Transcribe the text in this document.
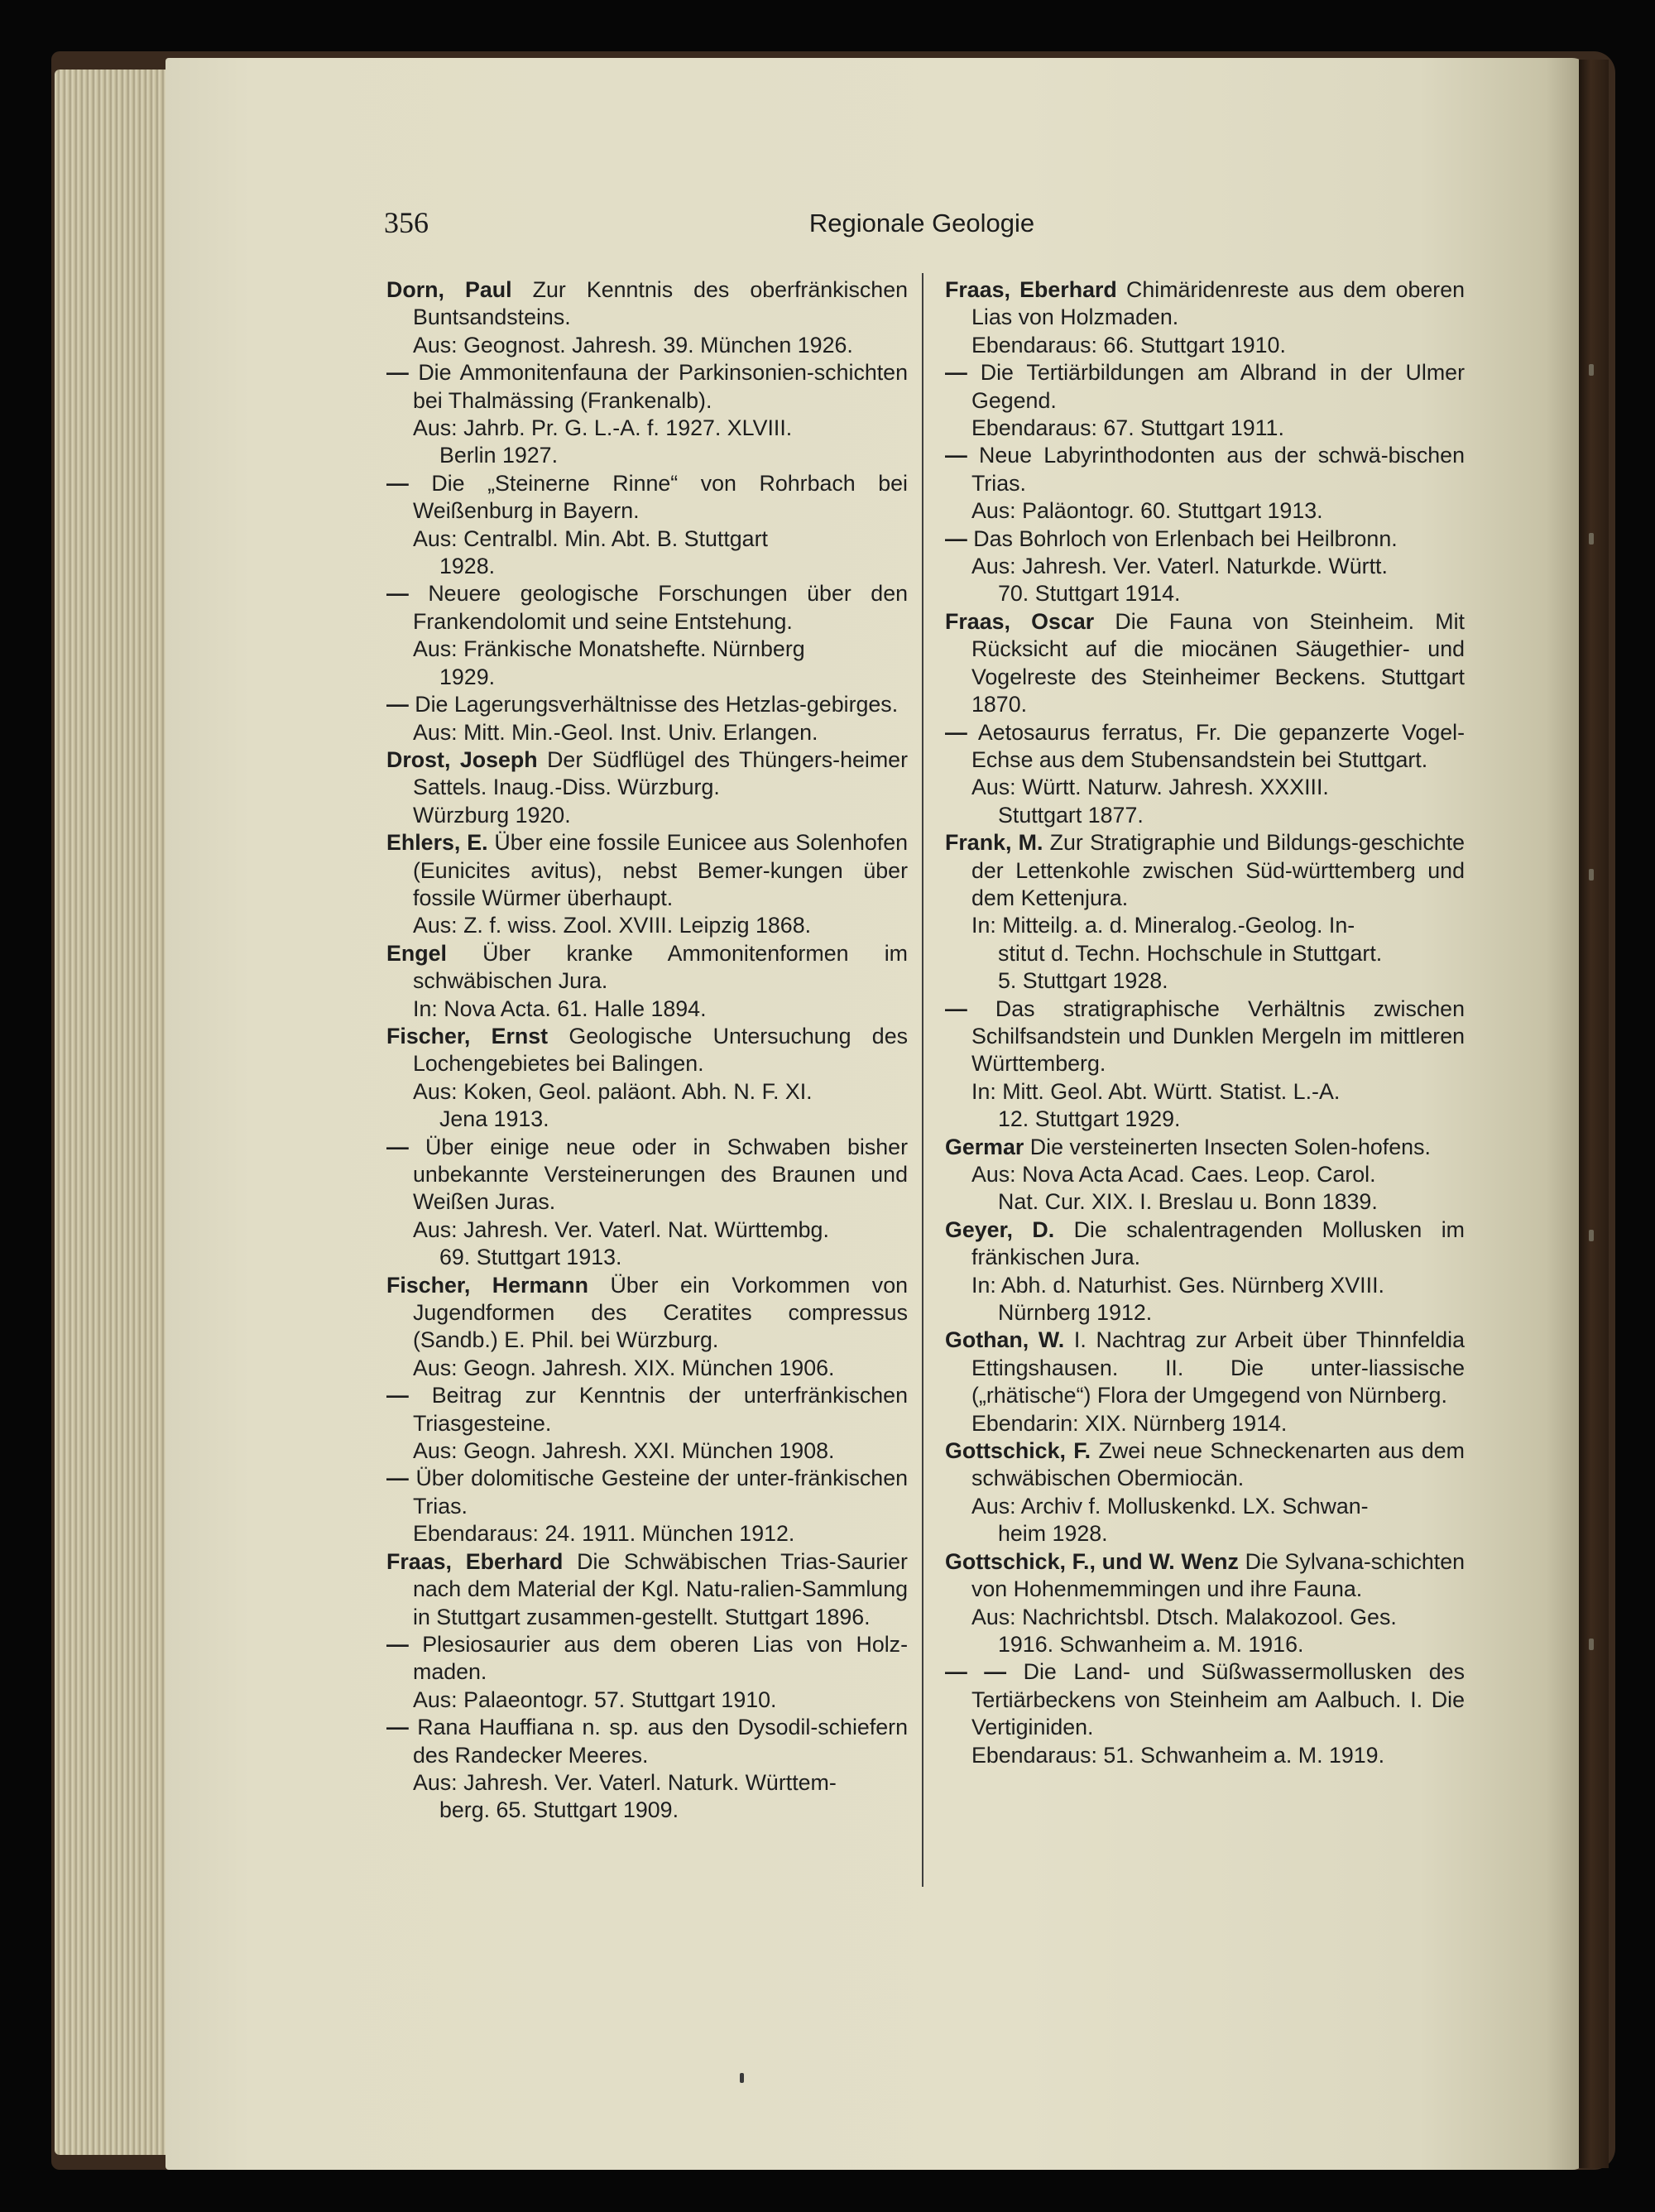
356	Regionale Geologie

Dorn, Paul Zur Kenntnis des oberfränkischen Buntsandsteins.

Aus: Geognost. Jahresh. 39. München 1926.

— Die Ammonitenfauna der Parkinsonien-schichten bei Thalmässing (Frankenalb).

Aus: Jahrb. Pr. G. L.-A. f. 1927. XLVIII.
Berlin 1927.

— Die „Steinerne Rinne“ von Rohrbach bei Weißenburg in Bayern.

Aus: Centralbl. Min. Abt. B. Stuttgart
1928.

— Neuere geologische Forschungen über den Frankendolomit und seine Entstehung.

Aus: Fränkische Monatshefte. Nürnberg
1929.

— Die Lagerungsverhältnisse des Hetzlas-gebirges.

Aus: Mitt. Min.-Geol. Inst. Univ. Erlangen.

Drost, Joseph Der Südflügel des Thüngers-heimer Sattels. Inaug.-Diss. Würzburg.

Würzburg 1920.

Ehlers, E. Über eine fossile Eunicee aus Solenhofen (Eunicites avitus), nebst Bemer-kungen über fossile Würmer überhaupt.

Aus: Z. f. wiss. Zool. XVIII. Leipzig 1868.

Engel Über kranke Ammonitenformen im schwäbischen Jura.

In: Nova Acta. 61. Halle 1894.

Fischer, Ernst Geologische Untersuchung des Lochengebietes bei Balingen.

Aus: Koken, Geol. paläont. Abh. N. F. XI.
Jena 1913.

— Über einige neue oder in Schwaben bisher unbekannte Versteinerungen des Braunen und Weißen Juras.

Aus: Jahresh. Ver. Vaterl. Nat. Württembg.
69. Stuttgart 1913.

Fischer, Hermann Über ein Vorkommen von Jugendformen des Ceratites compressus (Sandb.) E. Phil. bei Würzburg.

Aus: Geogn. Jahresh. XIX. München 1906.

— Beitrag zur Kenntnis der unterfränkischen Triasgesteine.

Aus: Geogn. Jahresh. XXI. München 1908.

— Über dolomitische Gesteine der unter-fränkischen Trias.

Ebendaraus: 24. 1911. München 1912.

Fraas, Eberhard Die Schwäbischen Trias-Saurier nach dem Material der Kgl. Natu-ralien-Sammlung in Stuttgart zusammen-gestellt. Stuttgart 1896.

— Plesiosaurier aus dem oberen Lias von Holz-maden.

Aus: Palaeontogr. 57. Stuttgart 1910.

— Rana Hauffiana n. sp. aus den Dysodil-schiefern des Randecker Meeres.

Aus: Jahresh. Ver. Vaterl. Naturk. Württem-
berg. 65. Stuttgart 1909.

Fraas, Eberhard Chimäridenreste aus dem oberen Lias von Holzmaden.

Ebendaraus: 66. Stuttgart 1910.

— Die Tertiärbildungen am Albrand in der Ulmer Gegend.

Ebendaraus: 67. Stuttgart 1911.

— Neue Labyrinthodonten aus der schwä-bischen Trias.

Aus: Paläontogr. 60. Stuttgart 1913.

— Das Bohrloch von Erlenbach bei Heilbronn.

Aus: Jahresh. Ver. Vaterl. Naturkde. Württ.
70. Stuttgart 1914.

Fraas, Oscar Die Fauna von Steinheim. Mit Rücksicht auf die miocänen Säugethier- und Vogelreste des Steinheimer Beckens. Stuttgart 1870.

— Aetosaurus ferratus, Fr. Die gepanzerte Vogel-Echse aus dem Stubensandstein bei Stuttgart.

Aus: Württ. Naturw. Jahresh. XXXIII.
Stuttgart 1877.

Frank, M. Zur Stratigraphie und Bildungs-geschichte der Lettenkohle zwischen Süd-württemberg und dem Kettenjura.

In: Mitteilg. a. d. Mineralog.-Geolog. In-
stitut d. Techn. Hochschule in Stuttgart.
5. Stuttgart 1928.

— Das stratigraphische Verhältnis zwischen Schilfsandstein und Dunklen Mergeln im mittleren Württemberg.

In: Mitt. Geol. Abt. Württ. Statist. L.-A.
12. Stuttgart 1929.

Germar Die versteinerten Insecten Solen-hofens.

Aus: Nova Acta Acad. Caes. Leop. Carol.
Nat. Cur. XIX. I. Breslau u. Bonn 1839.

Geyer, D. Die schalentragenden Mollusken im fränkischen Jura.

In: Abh. d. Naturhist. Ges. Nürnberg XVIII.
Nürnberg 1912.

Gothan, W. I. Nachtrag zur Arbeit über Thinnfeldia Ettingshausen. II. Die unter-liassische („rhätische“) Flora der Umgegend von Nürnberg.

Ebendarin: XIX. Nürnberg 1914.

Gottschick, F. Zwei neue Schneckenarten aus dem schwäbischen Obermiocän.

Aus: Archiv f. Molluskenkd. LX. Schwan-
heim 1928.

Gottschick, F., und W. Wenz Die Sylvana-schichten von Hohenmemmingen und ihre Fauna.

Aus: Nachrichtsbl. Dtsch. Malakozool. Ges.
1916. Schwanheim a. M. 1916.

— — Die Land- und Süßwassermollusken des Tertiärbeckens von Steinheim am Aalbuch. I. Die Vertiginiden.

Ebendaraus: 51. Schwanheim a. M. 1919.
